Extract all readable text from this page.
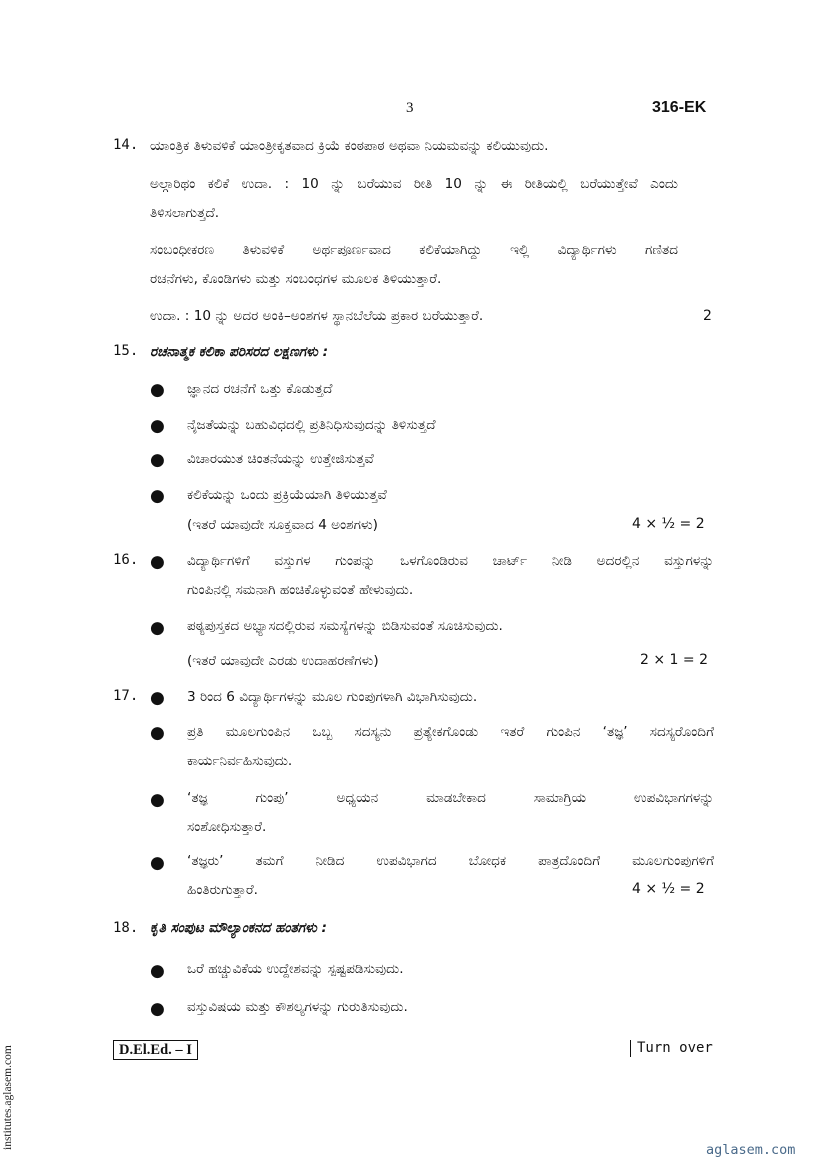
3	316-EK
14. ಯಾಂತ್ರಿಕ ತಿಳುವಳಿಕೆ ಯಾಂತ್ರೀಕೃತವಾದ ಕ್ರಿಯೆ ಕಂಠಪಾಠ ಅಥವಾ ನಿಯಮವನ್ನು ಕಲಿಯುವುದು.
ಅಲ್ಗಾರಿಥಂ ಕಲಿಕೆ ಉದಾ. : 10 ನ್ನು ಬರೆಯುವ ರೀತಿ 10 ನ್ನು ಈ ರೀತಿಯಲ್ಲಿ ಬರೆಯುತ್ತೇವೆ ಎಂದು
ತಿಳಿಸಲಾಗುತ್ತದೆ.
ಸಂಬಂಧೀಕರಣ ತಿಳುವಳಿಕೆ ಅರ್ಥಪೂರ್ಣವಾದ ಕಲಿಕೆಯಾಗಿದ್ದು ಇಲ್ಲಿ ವಿದ್ಯಾರ್ಥಿಗಳು ಗಣಿತದ
ರಚನೆಗಳು, ಕೊಂಡಿಗಳು ಮತ್ತು ಸಂಬಂಧಗಳ ಮೂಲಕ ತಿಳಿಯುತ್ತಾರೆ.
ಉದಾ. : 10 ನ್ನು ಅದರ ಅಂಕಿ–ಅಂಶಗಳ ಸ್ಥಾನಬೆಲೆಯ ಪ್ರಕಾರ ಬರೆಯುತ್ತಾರೆ.	2
15. ರಚನಾತ್ಮಕ ಕಲಿಕಾ ಪರಿಸರದ ಲಕ್ಷಣಗಳು :
● ಜ್ಞಾನದ ರಚನೆಗೆ ಒತ್ತು ಕೊಡುತ್ತದೆ
● ನೈಜತೆಯನ್ನು ಬಹುವಿಧದಲ್ಲಿ ಪ್ರತಿನಿಧಿಸುವುದನ್ನು ತಿಳಿಸುತ್ತದೆ
● ವಿಚಾರಯುತ ಚಿಂತನೆಯನ್ನು ಉತ್ತೇಜಿಸುತ್ತವೆ
● ಕಲಿಕೆಯನ್ನು ಒಂದು ಪ್ರಕ್ರಿಯೆಯಾಗಿ ತಿಳಿಯುತ್ತವೆ
(ಇತರೆ ಯಾವುದೇ ಸೂಕ್ತವಾದ 4 ಅಂಶಗಳು)	4 × ½ = 2
16. ● ವಿದ್ಯಾರ್ಥಿಗಳಿಗೆ ವಸ್ತುಗಳ ಗುಂಪನ್ನು ಒಳಗೊಂಡಿರುವ ಚಾರ್ಟ್ ನೀಡಿ ಅದರಲ್ಲಿನ ವಸ್ತುಗಳನ್ನು
ಗುಂಪಿನಲ್ಲಿ ಸಮನಾಗಿ ಹಂಚಿಕೊಳ್ಳುವಂತೆ ಹೇಳುವುದು.
● ಪಠ್ಯಪುಸ್ತಕದ ಅಭ್ಯಾಸದಲ್ಲಿರುವ ಸಮಸ್ಯೆಗಳನ್ನು ಬಿಡಿಸುವಂತೆ ಸೂಚಿಸುವುದು.
(ಇತರೆ ಯಾವುದೇ ಎರಡು ಉದಾಹರಣೆಗಳು)	2 × 1 = 2
17. ● 3 ರಿಂದ 6 ವಿದ್ಯಾರ್ಥಿಗಳನ್ನು ಮೂಲ ಗುಂಪುಗಳಾಗಿ ವಿಭಾಗಿಸುವುದು.
● ಪ್ರತಿ ಮೂಲಗುಂಪಿನ ಒಬ್ಬ ಸದಸ್ಯನು ಪ್ರತ್ಯೇಕಗೊಂಡು ಇತರೆ ಗುಂಪಿನ ‘ತಜ್ಞ’ ಸದಸ್ಯರೊಂದಿಗೆ
ಕಾರ್ಯನಿರ್ವಹಿಸುವುದು.
● ‘ತಜ್ಞ ಗುಂಪು’ ಅಧ್ಯಯನ ಮಾಡಬೇಕಾದ ಸಾಮಾಗ್ರಿಯ ಉಪವಿಭಾಗಗಳನ್ನು
ಸಂಶೋಧಿಸುತ್ತಾರೆ.
● ‘ತಜ್ಞರು’ ತಮಗೆ ನೀಡಿದ ಉಪವಿಭಾಗದ ಬೋಧಕ ಪಾತ್ರದೊಂದಿಗೆ ಮೂಲಗುಂಪುಗಳಿಗೆ
ಹಿಂತಿರುಗುತ್ತಾರೆ.	4 × ½ = 2
18. ಕೃತಿ ಸಂಪುಟ ಮೌಲ್ಯಾಂಕನದ ಹಂತಗಳು :
● ಒರೆ ಹಚ್ಚುವಿಕೆಯ ಉದ್ದೇಶವನ್ನು ಸ್ಪಷ್ಟಪಡಿಸುವುದು.
● ವಸ್ತುವಿಷಯ ಮತ್ತು ಕೌಶಲ್ಯಗಳನ್ನು ಗುರುತಿಸುವುದು.
D.El.Ed. – I	Turn over
institutes.aglasem.com	aglasem.com
